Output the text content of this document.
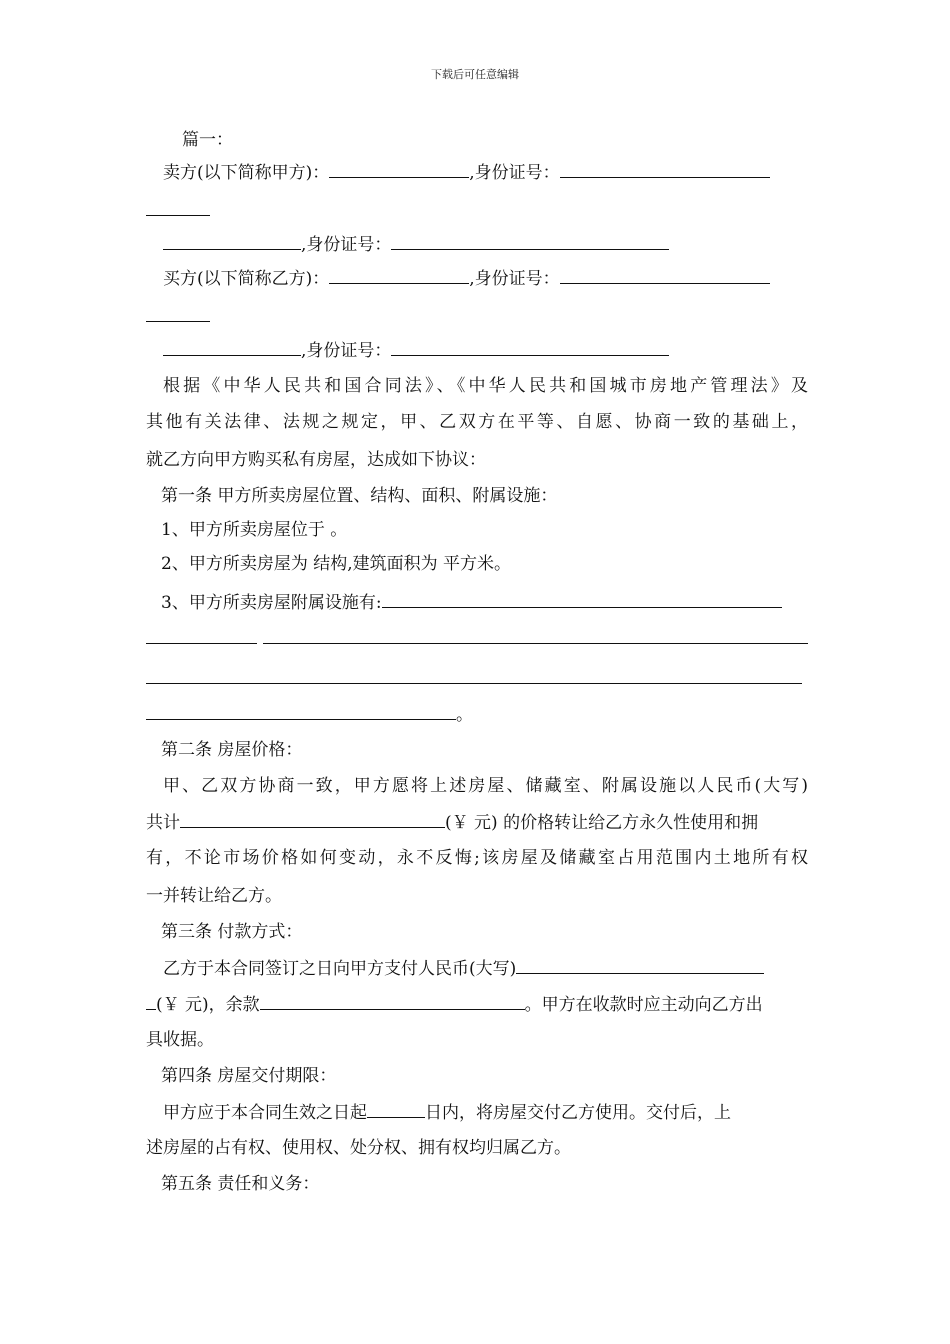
下载后可任意编辑
篇一：
卖方(以下简称甲方)：	,身份证号：
,身份证号：
买方(以下简称乙方)：	,身份证号：
,身份证号：
根据《中华人民共和国合同法》、《中华人民共和国城市房地产管理法》及
其他有关法律、法规之规定，甲、乙双方在平等、自愿、协商一致的基础上，
就乙方向甲方购买私有房屋，达成如下协议：
第一条 甲方所卖房屋位置、结构、面积、附属设施：
1、甲方所卖房屋位于 。
2、甲方所卖房屋为 结构,建筑面积为 平方米。
3、甲方所卖房屋附属设施有:
。
第二条 房屋价格：
甲、乙双方协商一致，甲方愿将上述房屋、储藏室、附属设施以人民币(大写)
共计	(￥ 元) 的价格转让给乙方永久性使用和拥
有，不论市场价格如何变动，永不反悔;该房屋及储藏室占用范围内土地所有权
一并转让给乙方。
第三条 付款方式：
乙方于本合同签订之日向甲方支付人民币(大写)
(￥ 元)，余款	。甲方在收款时应主动向乙方出
具收据。
第四条 房屋交付期限：
甲方应于本合同生效之日起	日内，将房屋交付乙方使用。交付后，上
述房屋的占有权、使用权、处分权、拥有权均归属乙方。
第五条 责任和义务：
